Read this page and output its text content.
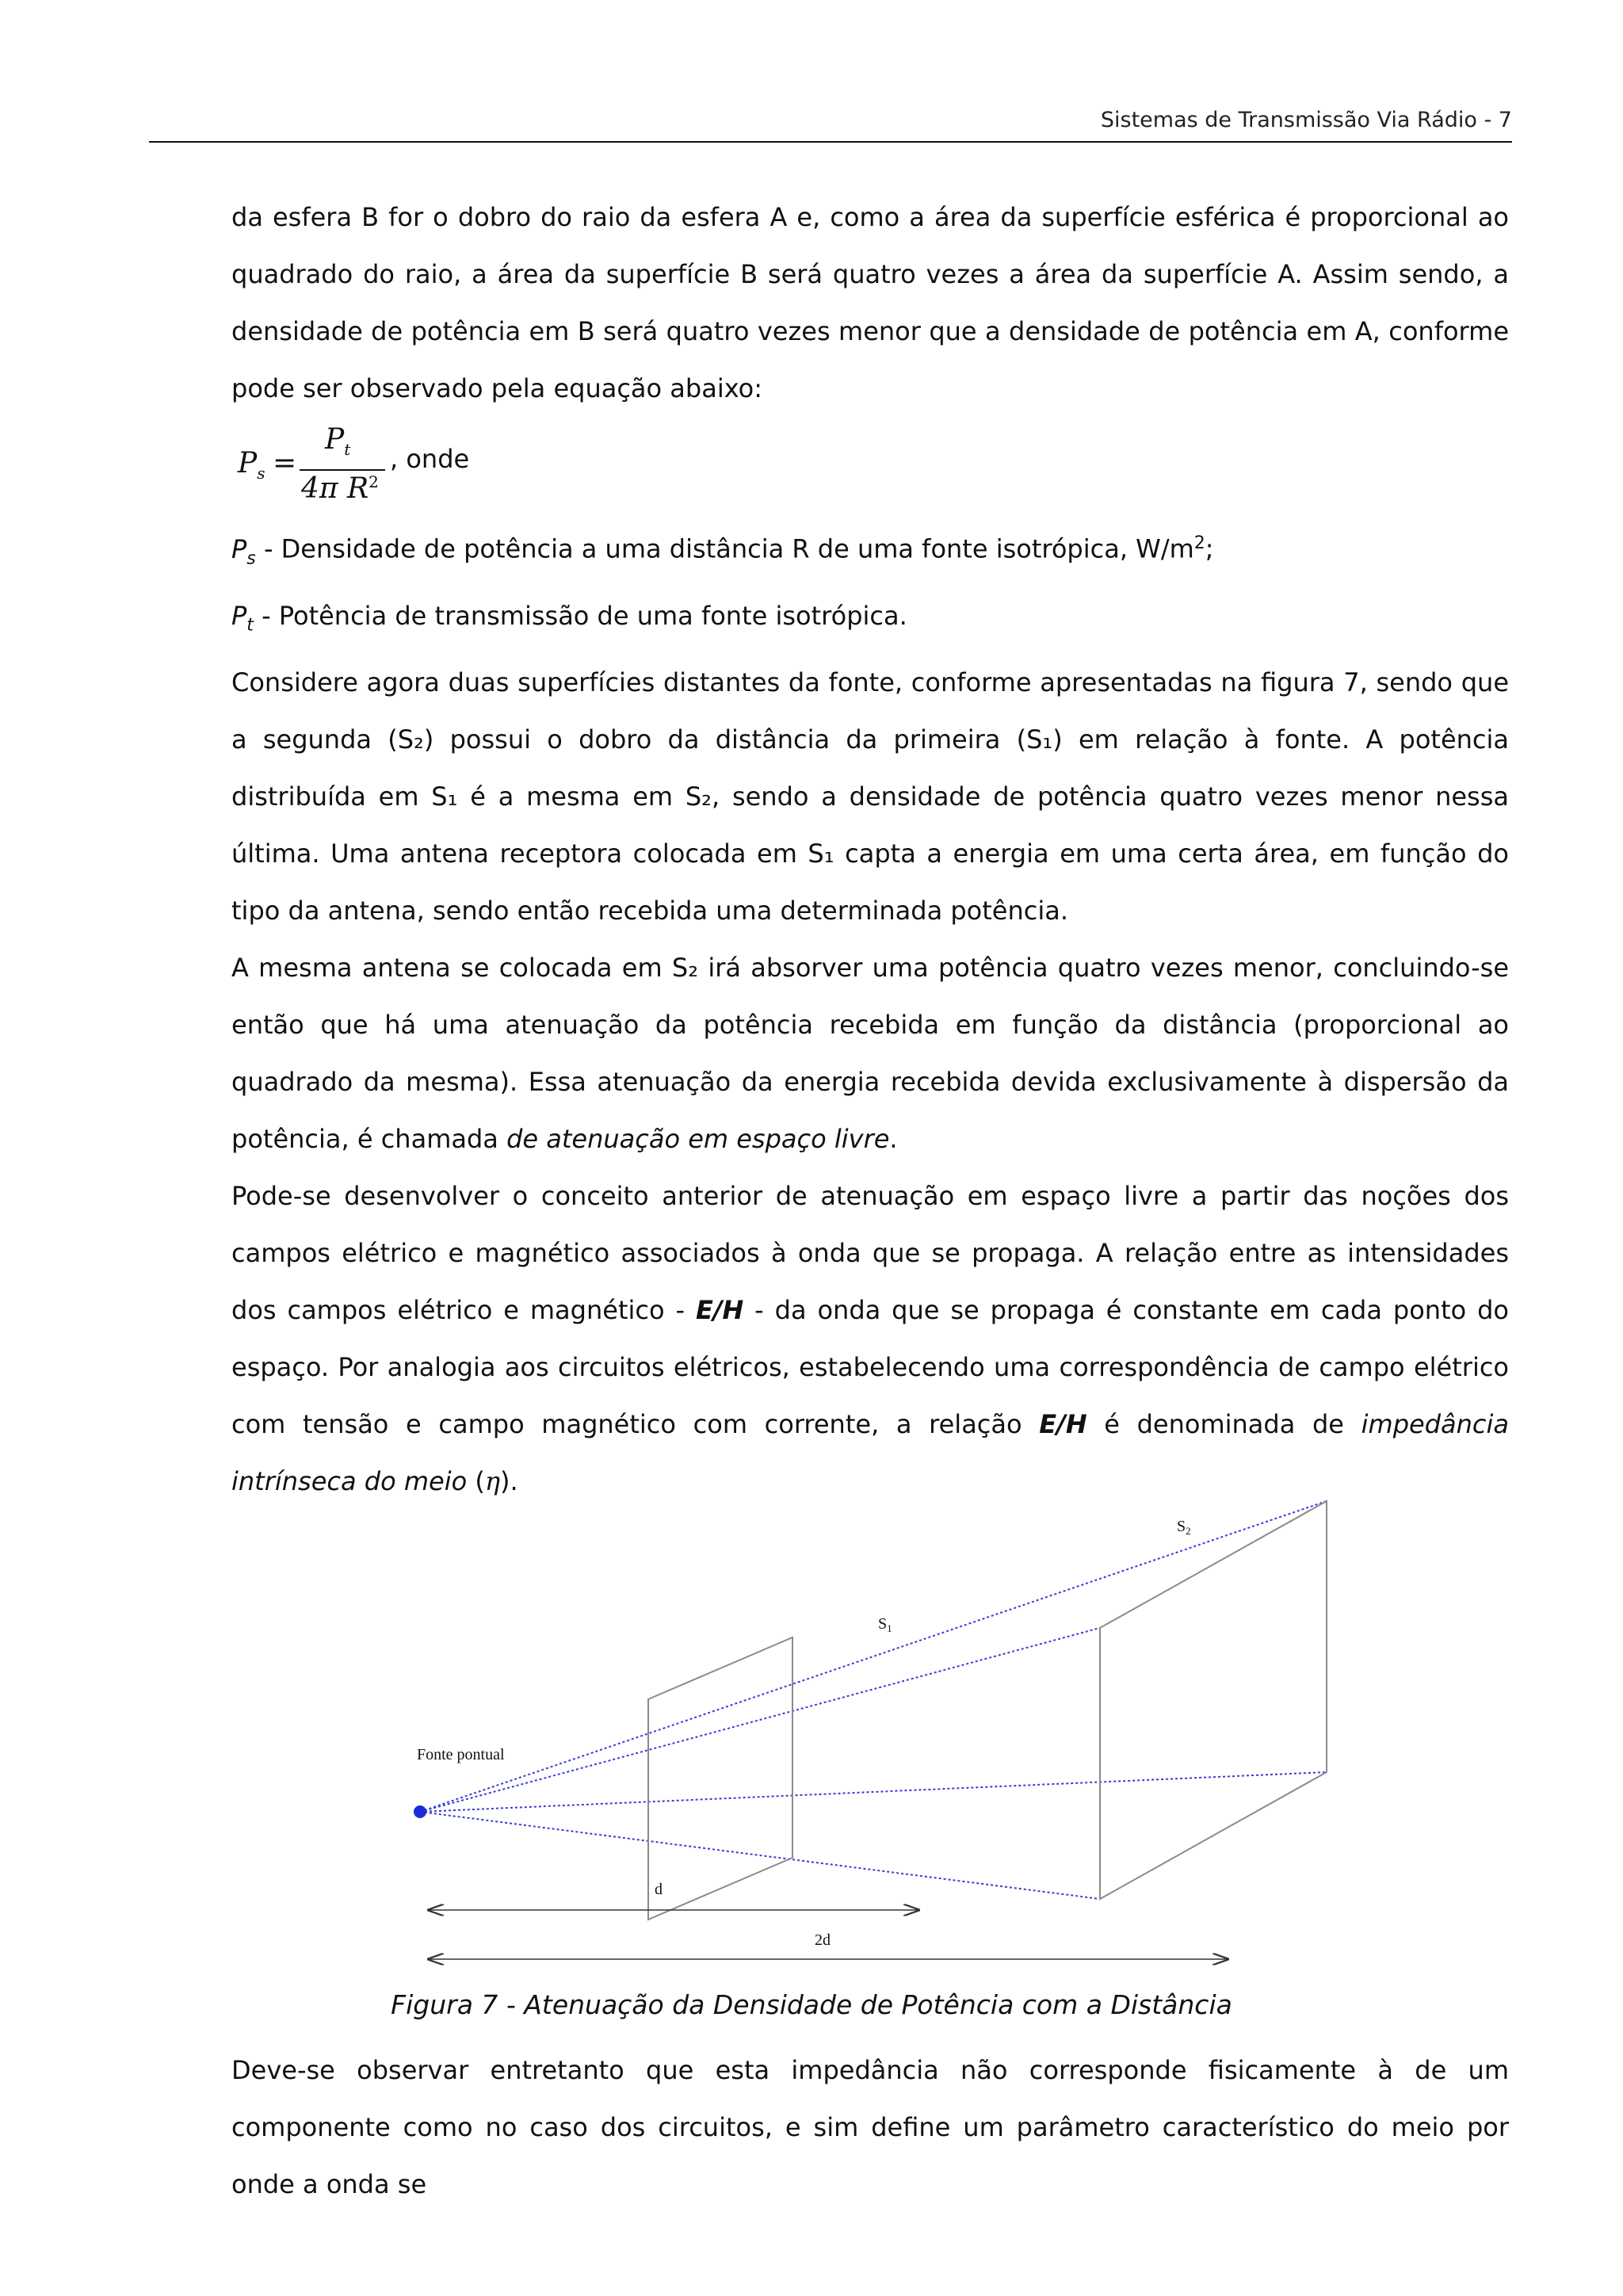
Sistemas de Transmissão Via Rádio - 7

da esfera B for o dobro do raio da esfera A e, como a área da superfície esférica é proporcional ao quadrado do raio, a área da superfície B será quatro vezes a área da superfície A. Assim sendo, a densidade de potência em B será quatro vezes menor que a densidade de potência em A, conforme pode ser observado pela equação abaixo:

$P_s$ =
$P_t$
4π $R^2$
, onde

$P_s$ - Densidade de potência a uma distância R de uma fonte isotrópica, $W/m^2$;

$P_t$ - Potência de transmissão de uma fonte isotrópica.

Considere agora duas superfícies distantes da fonte, conforme apresentadas na figura 7, sendo que a segunda (S₂) possui o dobro da distância da primeira (S₁) em relação à fonte. A potência distribuída em S₁ é a mesma em S₂, sendo a densidade de potência quatro vezes menor nessa última. Uma antena receptora colocada em S₁ capta a energia em uma certa área, em função do tipo da antena, sendo então recebida uma determinada potência.

A mesma antena se colocada em S₂ irá absorver uma potência quatro vezes menor, concluindo-se então que há uma atenuação da potência recebida em função da distância (proporcional ao quadrado da mesma). Essa atenuação da energia recebida devida exclusivamente à dispersão da potência, é chamada de atenuação em espaço livre.

Pode-se desenvolver o conceito anterior de atenuação em espaço livre a partir das noções dos campos elétrico e magnético associados à onda que se propaga. A relação entre as intensidades dos campos elétrico e magnético - E/H - da onda que se propaga é constante em cada ponto do espaço. Por analogia aos circuitos elétricos, estabelecendo uma correspondência de campo elétrico com tensão e campo magnético com corrente, a relação E/H é denominada de impedância intrínseca do meio (η).

Fonte pontual
$S_1$
$S_2$
d
2d
Figura 7 - Atenuação da Densidade de Potência com a Distância

Deve-se observar entretanto que esta impedância não corresponde fisicamente à de um componente como no caso dos circuitos, e sim define um parâmetro característico do meio por onde a onda se
